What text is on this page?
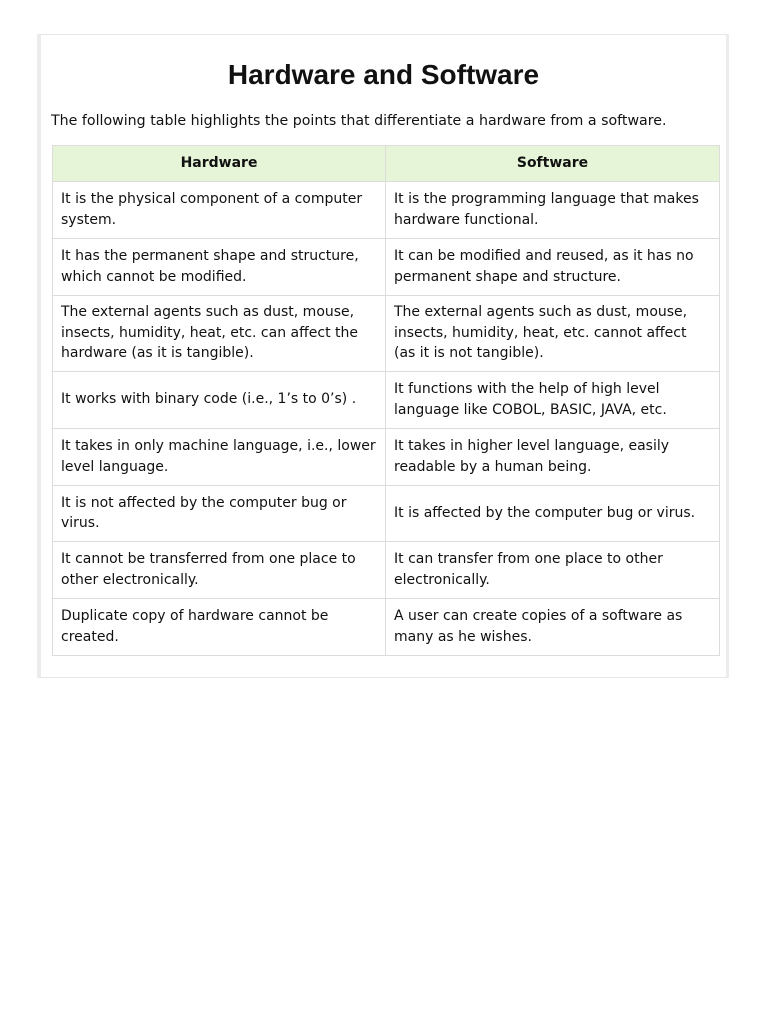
Hardware and Software
The following table highlights the points that differentiate a hardware from a software.
Hardware	Software
It is the physical component of a computer system.	It is the programming language that makes hardware functional.
It has the permanent shape and structure, which cannot be modified.	It can be modified and reused, as it has no permanent shape and structure.
The external agents such as dust, mouse, insects, humidity, heat, etc. can affect the hardware (as it is tangible).	The external agents such as dust, mouse, insects, humidity, heat, etc. cannot affect (as it is not tangible).
It works with binary code (i.e., 1’s to 0’s) .	It functions with the help of high level language like COBOL, BASIC, JAVA, etc.
It takes in only machine language, i.e., lower level language.	It takes in higher level language, easily readable by a human being.
It is not affected by the computer bug or virus.	It is affected by the computer bug or virus.
It cannot be transferred from one place to other electronically.	It can transfer from one place to other electronically.
Duplicate copy of hardware cannot be created.	A user can create copies of a software as many as he wishes.
